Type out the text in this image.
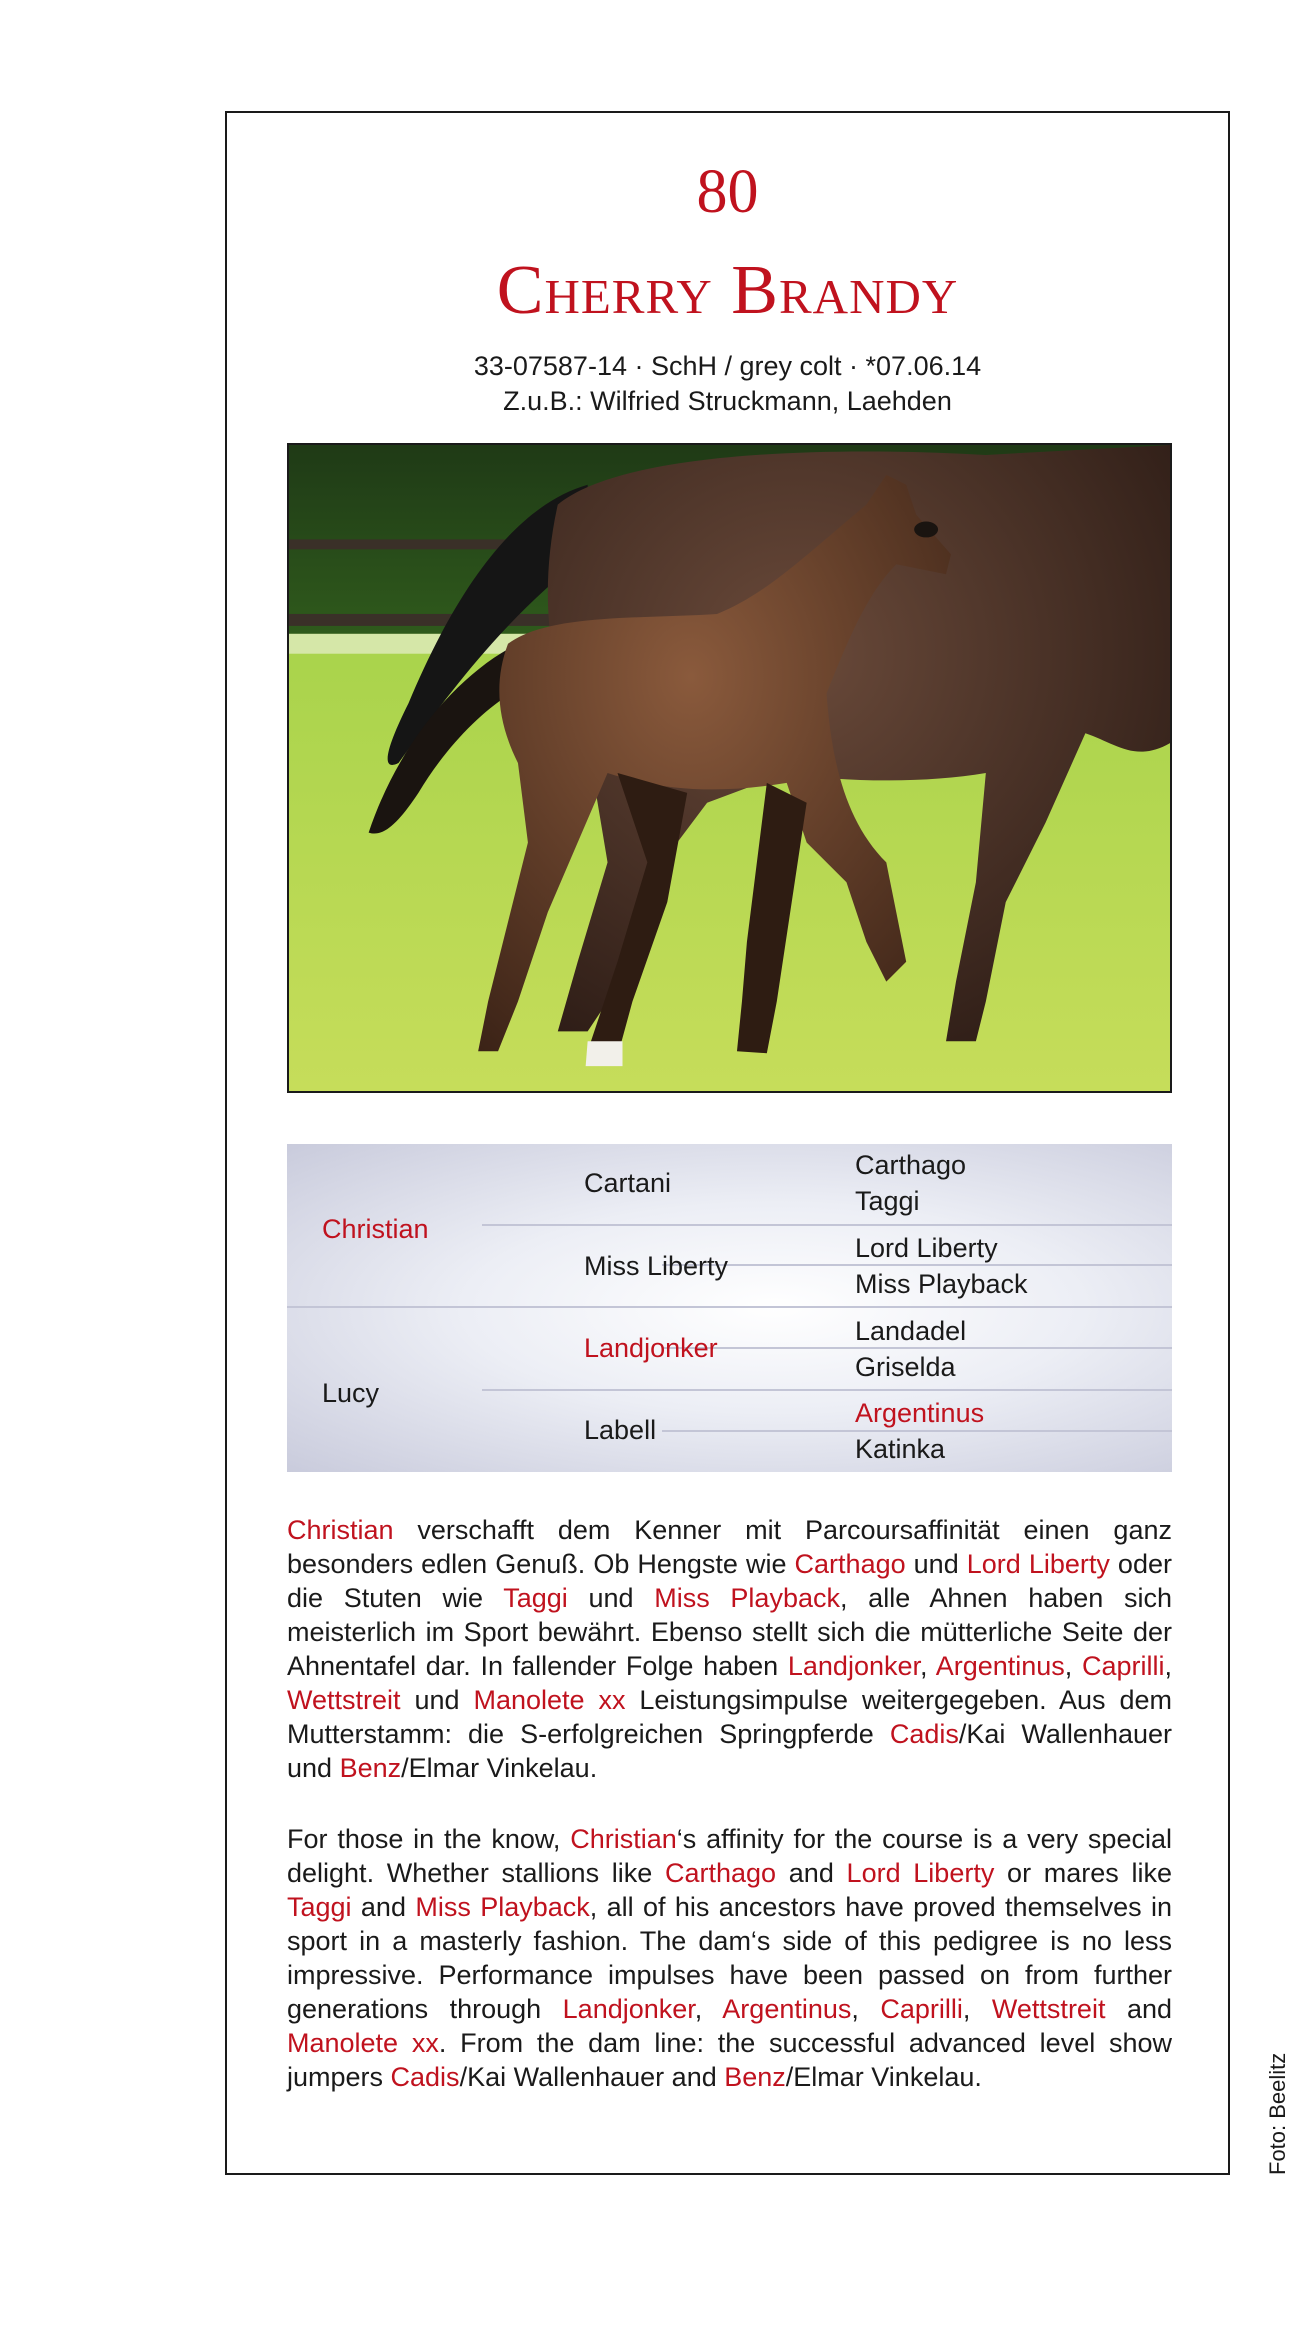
80
Cherry Brandy
33-07587-14 · SchH / grey colt · *07.06.14
Z.u.B.: Wilfried Struckmann, Laehden
Christian
Lucy
Cartani
Miss Liberty
Landjonker
Labell
Carthago
Taggi
Lord Liberty
Miss Playback
Landadel
Griselda
Argentinus
Katinka

Christian verschafft dem Kenner mit Parcoursaffinität einen ganz besonders edlen Genuß. Ob Hengste wie Carthago und Lord Liberty oder die Stuten wie Taggi und Miss Playback, alle Ahnen haben sich meisterlich im Sport bewährt. Ebenso stellt sich die mütterliche Seite der Ahnentafel dar. In fallender Folge haben Landjonker, Argentinus, Caprilli, Wettstreit und Manolete xx Leistungsimpulse weitergegeben. Aus dem Mutterstamm: die S-erfolgreichen Springpferde Cadis/Kai Wallenhauer und Benz/Elmar Vinkelau.

For those in the know, Christian‘s affinity for the course is a very special delight. Whether stallions like Carthago and Lord Liberty or mares like Taggi and Miss Playback, all of his ancestors have proved themselves in sport in a masterly fashion. The dam‘s side of this pedigree is no less impressive. Performance impulses have been passed on from further generations through Landjonker, Argentinus, Caprilli, Wettstreit and Manolete xx. From the dam line: the successful advanced level show jumpers Cadis/Kai Wallenhauer and Benz/Elmar Vinkelau.	Foto: Beelitz
